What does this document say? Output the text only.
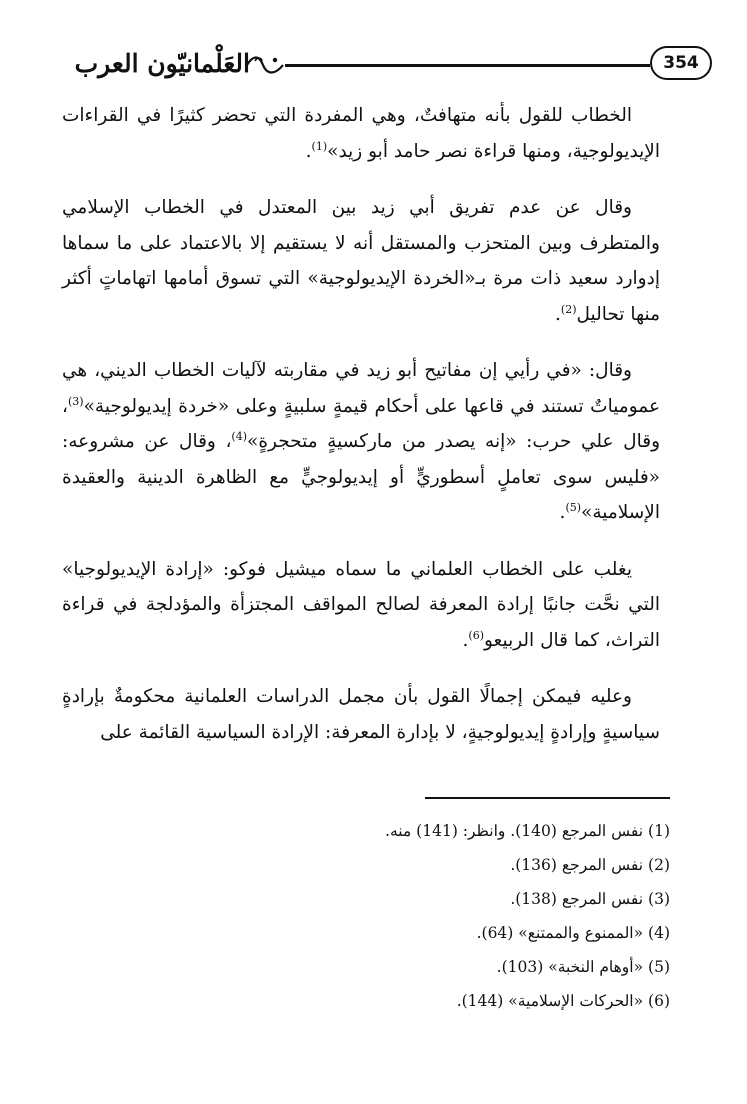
العَلْمانيّون العرب	354

الخطاب للقول بأنه متهافتٌ، وهي المفردة التي تحضر كثيرًا في القراءات الإيديولوجية، ومنها قراءة نصر حامد أبو زيد»$^{(1)}$.

وقال عن عدم تفريق أبي زيد بين المعتدل في الخطاب الإسلامي والمتطرف وبين المتحزب والمستقل أنه لا يستقيم إلا بالاعتماد على ما سماها إدوارد سعيد ذات مرة بـ«الخردة الإيديولوجية» التي تسوق أمامها اتهاماتٍ أكثر منها تحاليل$^{(2)}$.

وقال: «في رأيي إن مفاتيح أبو زيد في مقاربته لآليات الخطاب الديني، هي عمومياتٌ تستند في قاعها على أحكام قيمةٍ سلبيةٍ وعلى «خردة إيديولوجية»$^{(3)}$، وقال علي حرب: «إنه يصدر من ماركسيةٍ متحجرةٍ»$^{(4)}$، وقال عن مشروعه: «فليس سوى تعاملٍ أسطوريٍّ أو إيديولوجيٍّ مع الظاهرة الدينية والعقيدة الإسلامية»$^{(5)}$.

يغلب على الخطاب العلماني ما سماه ميشيل فوكو: «إرادة الإيديولوجيا» التي نحَّت جانبًا إرادة المعرفة لصالح المواقف المجتزأة والمؤدلجة في قراءة التراث، كما قال الربيعو$^{(6)}$.

وعليه فيمكن إجمالًا القول بأن مجمل الدراسات العلمانية محكومةٌ بإرادةٍ سياسيةٍ وإرادةٍ إيديولوجيةٍ، لا بإدارة المعرفة: الإرادة السياسية القائمة على

(1) نفس المرجع (140). وانظر: (141) منه.
(2) نفس المرجع (136).
(3) نفس المرجع (138).
(4) «الممنوع والممتنع» (64).
(5) «أوهام النخبة» (103).
(6) «الحركات الإسلامية» (144).
